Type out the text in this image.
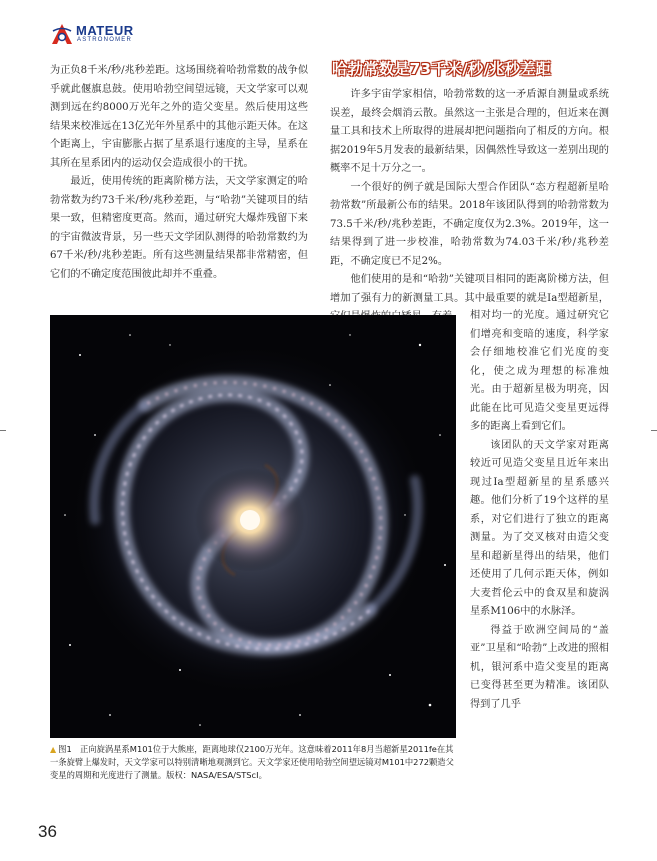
MATEUR
ASTRONOMER

为正负8千米/秒/兆秒差距。这场围绕着哈勃常数的战争似乎就此偃旗息鼓。使用哈勃空间望远镜，天文学家可以观测到远在约8000万光年之外的造父变星。然后使用这些结果来校准远在13亿光年外星系中的其他示距天体。在这个距离上，宇宙膨胀占据了星系退行速度的主导，星系在其所在星系团内的运动仅会造成很小的干扰。

最近，使用传统的距离阶梯方法，天文学家测定的哈勃常数为约73千米/秒/兆秒差距，与“哈勃”关键项目的结果一致，但精密度更高。然而，通过研究大爆炸残留下来的宇宙微波背景，另一些天文学团队测得的哈勃常数约为67千米/秒/兆秒差距。所有这些测量结果都非常精密，但它们的不确定度范围彼此却并不重叠。

哈勃常数是73千米/秒/兆秒差距

许多宇宙学家相信，哈勃常数的这一矛盾源自测量或系统误差，最终会烟消云散。虽然这一主张是合理的，但近来在测量工具和技术上所取得的进展却把问题指向了相反的方向。根据2019年5月发表的最新结果，因偶然性导致这一差别出现的概率不足十万分之一。

一个很好的例子就是国际大型合作团队“态方程超新星哈勃常数”所最新公布的结果。2018年该团队得到的哈勃常数为73.5千米/秒/兆秒差距，不确定度仅为2.3%。2019年，这一结果得到了进一步校准，哈勃常数为74.03千米/秒/兆秒差距，不确定度已不足2%。

他们使用的是和“哈勃”关键项目相同的距离阶梯方法，但增加了强有力的新测量工具。其中最重要的就是Ia型超新星，

相对均一的光度。通过研究它们增亮和变暗的速度，科学家会仔细地校准它们光度的变化，使之成为理想的标准烛光。由于超新星极为明亮，因此能在比可见造父变星更远得多的距离上看到它们。

该团队的天文学家对距离较近可见造父变星且近年来出现过Ia型超新星的星系感兴趣。他们分析了19个这样的星系，对它们进行了独立的距离测量。为了交叉核对由造父变星和超新星得出的结果，他们还使用了几何示距天体，例如大麦哲伦云中的食双星和旋涡星系M106中的水脉泽。

得益于欧洲空间局的“盖亚”卫星和“哈勃”上改进的照相机，银河系中造父变星的距离已变得甚至更为精准。该团队得到了几乎

▲ 图1　正向旋涡星系M101位于大熊座，距离地球仅2100万光年。这意味着2011年8月当超新星2011fe在其一条旋臂上爆发时，天文学家可以特别清晰地观测到它。天文学家还使用哈勃空间望远镜对M101中272颗造父变星的周期和光度进行了测量。版权：NASA/ESA/STScI。
36
